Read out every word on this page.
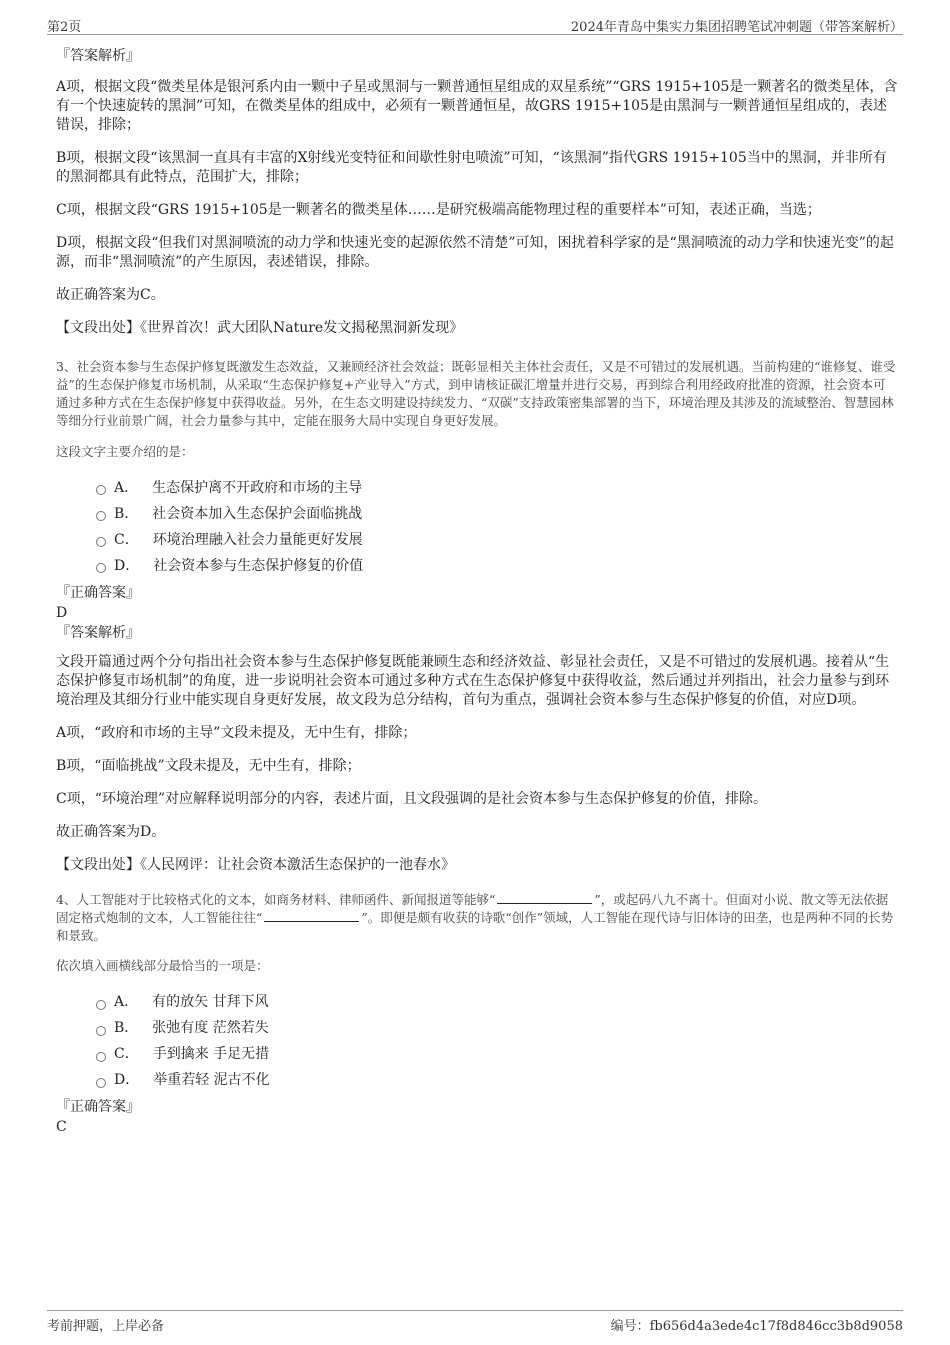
第2页	2024年青岛中集实力集团招聘笔试冲刺题（带答案解析）

『答案解析』

A项，根据文段“微类星体是银河系内由一颗中子星或黑洞与一颗普通恒星组成的双星系统”“GRS 1915+105是一颗著名的微类星体，含有一个快速旋转的黑洞”可知，在微类星体的组成中，必须有一颗普通恒星，故GRS 1915+105是由黑洞与一颗普通恒星组成的，表述错误，排除；

B项，根据文段“该黑洞一直具有丰富的X射线光变特征和间歇性射电喷流”可知，“该黑洞”指代GRS 1915+105当中的黑洞，并非所有的黑洞都具有此特点，范围扩大，排除；

C项，根据文段“GRS 1915+105是一颗著名的微类星体……是研究极端高能物理过程的重要样本”可知，表述正确，当选；

D项，根据文段“但我们对黑洞喷流的动力学和快速光变的起源依然不清楚”可知，困扰着科学家的是“黑洞喷流的动力学和快速光变”的起源，而非“黑洞喷流”的产生原因，表述错误，排除。

故正确答案为C。

【文段出处】《世界首次！武大团队Nature发文揭秘黑洞新发现》

3、社会资本参与生态保护修复既激发生态效益，又兼顾经济社会效益；既彰显相关主体社会责任，又是不可错过的发展机遇。当前构建的“谁修复、谁受益”的生态保护修复市场机制，从采取“生态保护修复+产业导入”方式，到申请核证碳汇增量并进行交易，再到综合利用经政府批准的资源，社会资本可通过多种方式在生态保护修复中获得收益。另外，在生态文明建设持续发力、“双碳”支持政策密集部署的当下，环境治理及其涉及的流域整治、智慧园林等细分行业前景广阔，社会力量参与其中，定能在服务大局中实现自身更好发展。

这段文字主要介绍的是：

A． 生态保护离不开政府和市场的主导
B． 社会资本加入生态保护会面临挑战
C． 环境治理融入社会力量能更好发展
D． 社会资本参与生态保护修复的价值

『正确答案』

D

『答案解析』

文段开篇通过两个分句指出社会资本参与生态保护修复既能兼顾生态和经济效益、彰显社会责任，又是不可错过的发展机遇。接着从“生态保护修复市场机制”的角度，进一步说明社会资本可通过多种方式在生态保护修复中获得收益，然后通过并列指出，社会力量参与到环境治理及其细分行业中能实现自身更好发展，故文段为总分结构，首句为重点，强调社会资本参与生态保护修复的价值，对应D项。

A项，“政府和市场的主导”文段未提及，无中生有，排除；

B项，“面临挑战”文段未提及，无中生有，排除；

C项，“环境治理”对应解释说明部分的内容，表述片面，且文段强调的是社会资本参与生态保护修复的价值，排除。

故正确答案为D。

【文段出处】《人民网评：让社会资本激活生态保护的一池春水》

4、人工智能对于比较格式化的文本，如商务材料、律师函件、新闻报道等能够“	”，或起码八九不离十。但面对小说、散文等无法依据固定格式炮制的文本，人工智能往往“	”。即便是颇有收获的诗歌“创作”领域，人工智能在现代诗与旧体诗的田垄，也是两种不同的长势和景致。

依次填入画横线部分最恰当的一项是：

A． 有的放矢 甘拜下风
B． 张弛有度 茫然若失
C． 手到擒来 手足无措
D． 举重若轻 泥古不化

『正确答案』

C

考前押题，上岸必备	编号：fb656d4a3ede4c17f8d846cc3b8d9058
